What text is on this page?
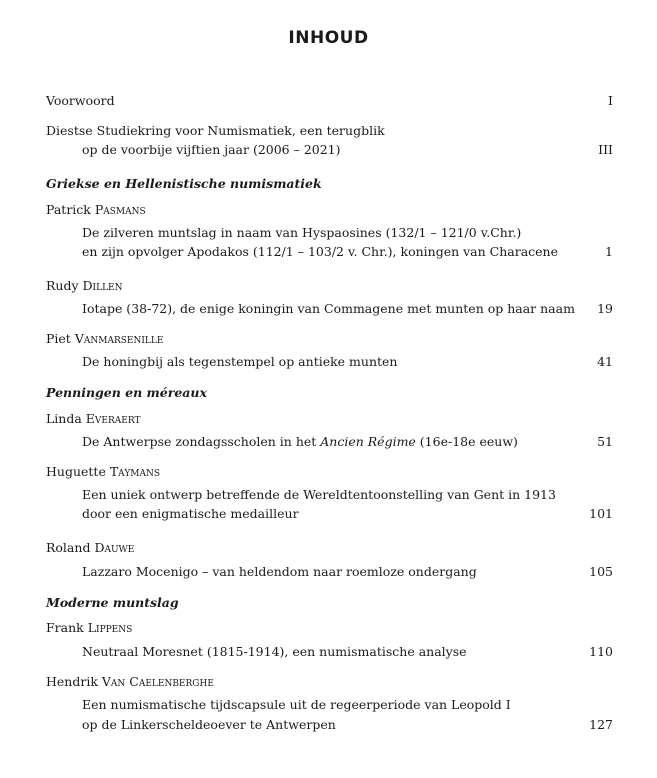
INHOUD
Voorwoord	I
Diestse Studiekring voor Numismatiek, een terugblik
op de voorbije vijftien jaar (2006 – 2021)	III
Griekse en Hellenistische numismatiek
Patrick Pasmans
De zilveren muntslag in naam van Hyspaosines (132/1 – 121/0 v.Chr.)
en zijn opvolger Apodakos (112/1 – 103/2 v. Chr.), koningen van Characene	1
Rudy Dillen
Iotape (38-72), de enige koningin van Commagene met munten op haar naam	19
Piet Vanmarsenille
De honingbij als tegenstempel op antieke munten	41
Penningen en méreaux
Linda Everaert
De Antwerpse zondagsscholen in het Ancien Régime (16e-18e eeuw)	51
Huguette Taymans
Een uniek ontwerp betreffende de Wereldtentoonstelling van Gent in 1913
door een enigmatische medailleur	101
Roland Dauwe
Lazzaro Mocenigo – van heldendom naar roemloze ondergang	105
Moderne muntslag
Frank Lippens
Neutraal Moresnet (1815-1914), een numismatische analyse	110
Hendrik Van Caelenberghe
Een numismatische tijdscapsule uit de regeerperiode van Leopold I
op de Linkerscheldeoever te Antwerpen	127
